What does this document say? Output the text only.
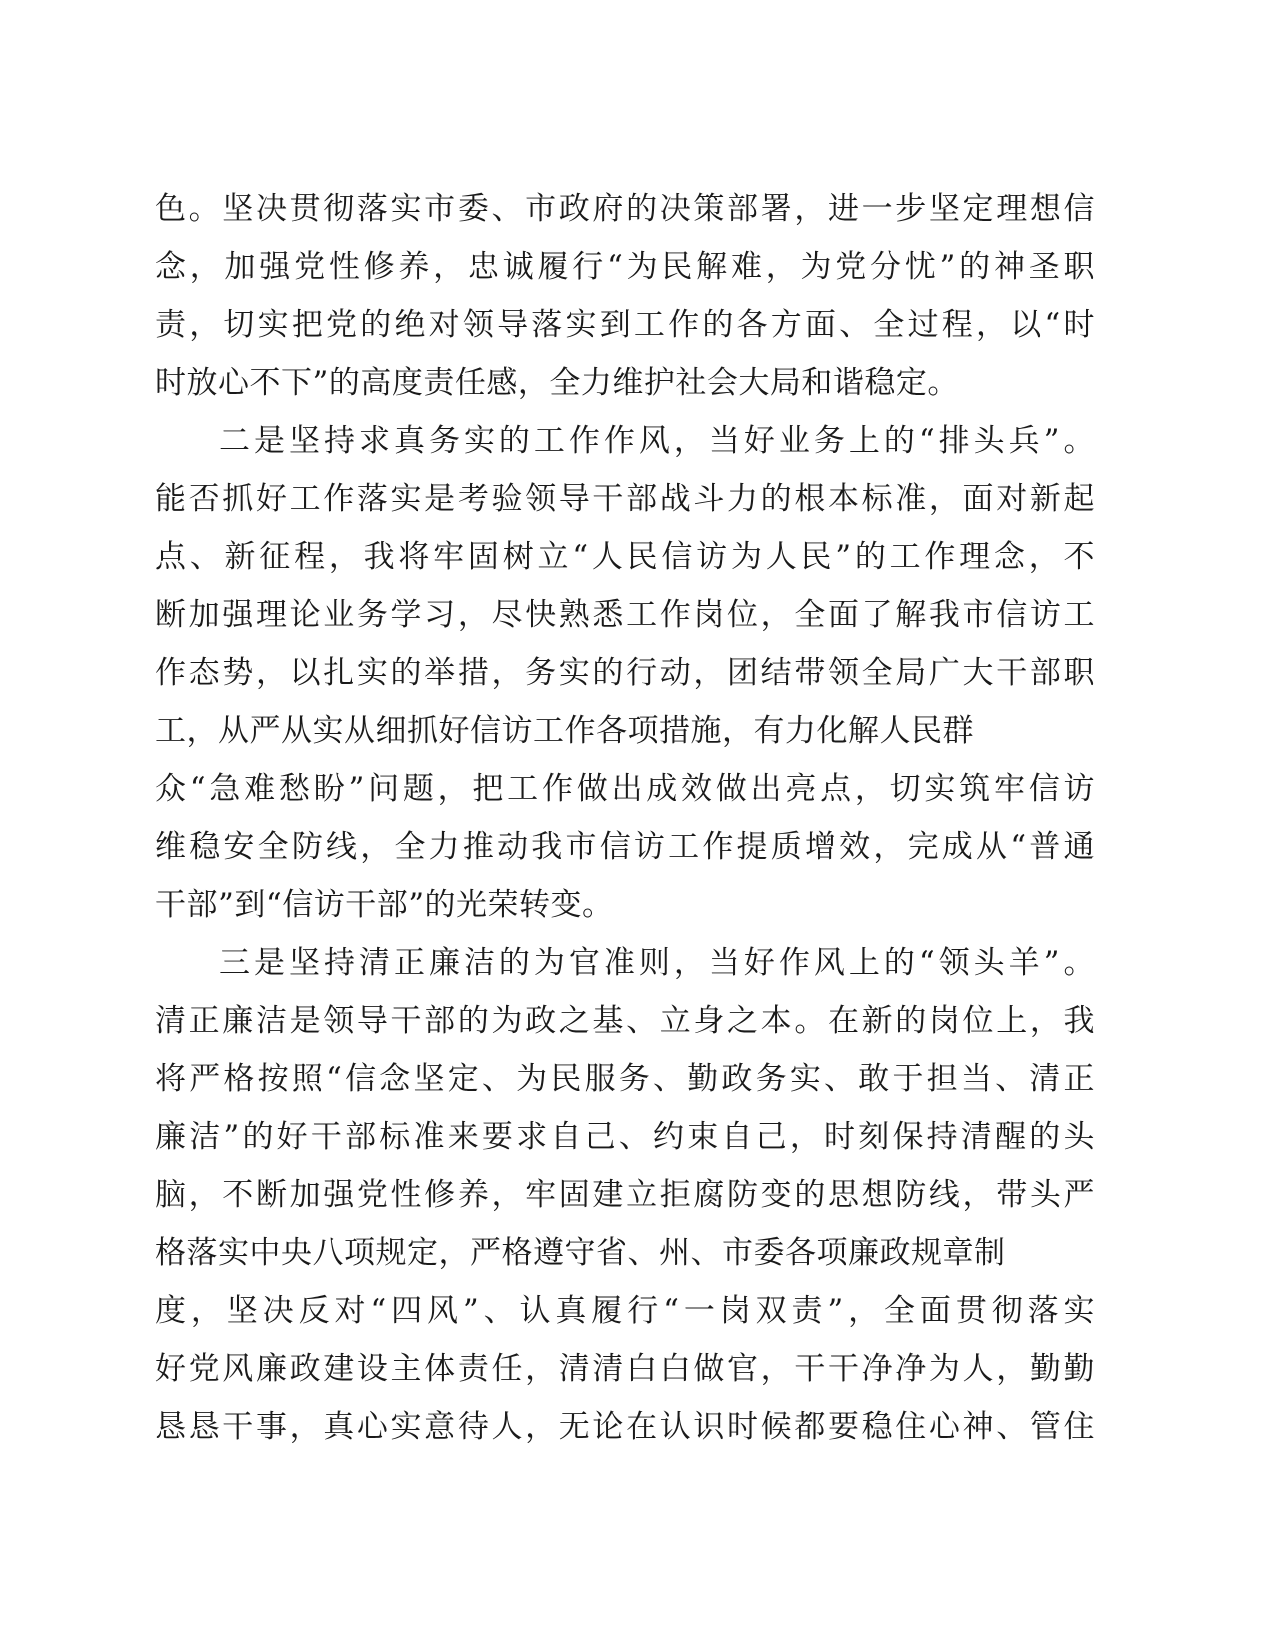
色。坚决贯彻落实市委、市政府的决策部署，进一步坚定理想信
念，加强党性修养，忠诚履行“为民解难，为党分忧”的神圣职
责，切实把党的绝对领导落实到工作的各方面、全过程，以“时
时放心不下”的高度责任感，全力维护社会大局和谐稳定。
二是坚持求真务实的工作作风，当好业务上的“排头兵”。
能否抓好工作落实是考验领导干部战斗力的根本标准，面对新起
点、新征程，我将牢固树立“人民信访为人民”的工作理念，不
断加强理论业务学习，尽快熟悉工作岗位，全面了解我市信访工
作态势，以扎实的举措，务实的行动，团结带领全局广大干部职
工，从严从实从细抓好信访工作各项措施，有力化解人民群
众“急难愁盼”问题，把工作做出成效做出亮点，切实筑牢信访
维稳安全防线，全力推动我市信访工作提质增效，完成从“普通
干部”到“信访干部”的光荣转变。
三是坚持清正廉洁的为官准则，当好作风上的“领头羊”。
清正廉洁是领导干部的为政之基、立身之本。在新的岗位上，我
将严格按照“信念坚定、为民服务、勤政务实、敢于担当、清正
廉洁”的好干部标准来要求自己、约束自己，时刻保持清醒的头
脑，不断加强党性修养，牢固建立拒腐防变的思想防线，带头严
格落实中央八项规定，严格遵守省、州、市委各项廉政规章制
度，坚决反对“四风”、认真履行“一岗双责”，全面贯彻落实
好党风廉政建设主体责任，清清白白做官，干干净净为人，勤勤
恳恳干事，真心实意待人，无论在认识时候都要稳住心神、管住
